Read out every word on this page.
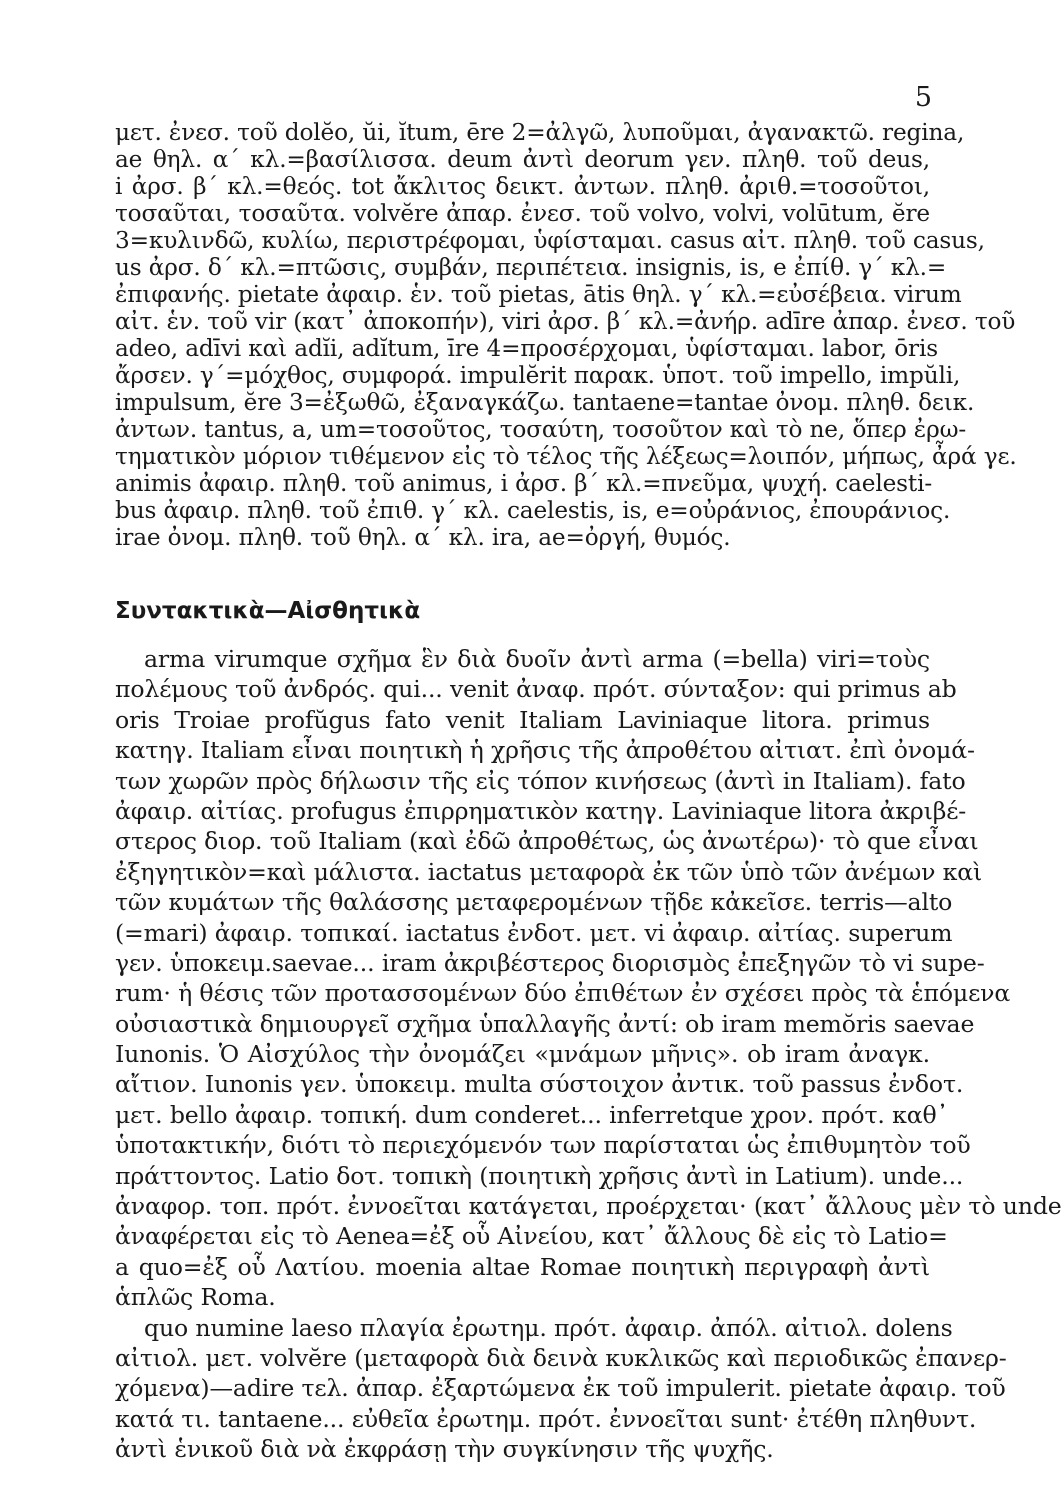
5
μετ. ἐνεσ. τοῦ dolĕo, ŭi, ĭtum, ēre 2=ἀλγῶ, λυποῦμαι, ἀγανακτῶ. regina,
ae θηλ. α΄ κλ.=βασίλισσα. deum ἀντὶ deorum γεν. πληθ. τοῦ deus,
i ἀρσ. β΄ κλ.=θεός. tot ἄκλιτος δεικτ. ἀντων. πληθ. ἀριθ.=τοσοῦτοι,
τοσαῦται, τοσαῦτα. volvĕre ἀπαρ. ἐνεσ. τοῦ volvo, volvi, volūtum, ĕre
3=κυλινδῶ, κυλίω, περιστρέφομαι, ὑφίσταμαι. casus αἰτ. πληθ. τοῦ casus,
us ἀρσ. δ΄ κλ.=πτῶσις, συμβάν, περιπέτεια. insignis, is, e ἐπίθ. γ΄ κλ.=
ἐπιφανής. pietate ἀφαιρ. ἑν. τοῦ pietas, ātis θηλ. γ΄ κλ.=εὐσέβεια. virum
αἰτ. ἑν. τοῦ vir (κατ᾽ ἀποκοπήν), viri ἀρσ. β΄ κλ.=ἀνήρ. adīre ἀπαρ. ἐνεσ. τοῦ
adeo, adīvi καὶ adĭi, adĭtum, īre 4=προσέρχομαι, ὑφίσταμαι. labor, ōris
ἄρσεν. γ΄=μόχθος, συμφορά. impulĕrit παρακ. ὑποτ. τοῦ impello, impŭli,
impulsum, ĕre 3=ἐξωθῶ, ἐξαναγκάζω. tantaene=tantae ὀνομ. πληθ. δεικ.
ἀντων. tantus, a, um=τοσοῦτος, τοσαύτη, τοσοῦτον καὶ τὸ ne, ὅπερ ἐρω-
τηματικὸν μόριον τιθέμενον εἰς τὸ τέλος τῆς λέξεως=λοιπόν, μήπως, ἆρά γε.
animis ἀφαιρ. πληθ. τοῦ animus, i ἀρσ. β΄ κλ.=πνεῦμα, ψυχή. caelesti-
bus ἀφαιρ. πληθ. τοῦ ἐπιθ. γ΄ κλ. caelestis, is, e=οὐράνιος, ἐπουράνιος.
irae ὀνομ. πληθ. τοῦ θηλ. α΄ κλ. ira, ae=ὀργή, θυμός.
Συντακτικὰ—Αἰσθητικὰ
arma virumque σχῆμα ἓν διὰ δυοῖν ἀντὶ arma (=bella) viri=τοὺς
πολέμους τοῦ ἀνδρός. qui... venit ἀναφ. πρότ. σύνταξον: qui primus ab
oris Troiae profŭgus fato venit Italiam Laviniaque litora. primus
κατηγ. Italiam εἶναι ποιητικὴ ἡ χρῆσις τῆς ἀπροθέτου αἰτιατ. ἐπὶ ὀνομά-
των χωρῶν πρὸς δήλωσιν τῆς εἰς τόπον κινήσεως (ἀντὶ in Italiam). fato
ἀφαιρ. αἰτίας. profugus ἐπιρρηματικὸν κατηγ. Laviniaque litora ἀκριβέ-
στερος διορ. τοῦ Italiam (καὶ ἐδῶ ἀπροθέτως, ὡς ἀνωτέρω)· τὸ que εἶναι
ἐξηγητικὸν=καὶ μάλιστα. iactatus μεταφορὰ ἐκ τῶν ὑπὸ τῶν ἀνέμων καὶ
τῶν κυμάτων τῆς θαλάσσης μεταφερομένων τῇδε κἀκεῖσε. terris—alto
(=mari) ἀφαιρ. τοπικαί. iactatus ἐνδοτ. μετ. vi ἀφαιρ. αἰτίας. superum
γεν. ὑποκειμ.saevae... iram ἀκριβέστερος διορισμὸς ἐπεξηγῶν τὸ vi supe-
rum· ἡ θέσις τῶν προτασσομένων δύο ἐπιθέτων ἐν σχέσει πρὸς τὰ ἑπόμενα
οὐσιαστικὰ δημιουργεῖ σχῆμα ὑπαλλαγῆς ἀντί: ob iram memŏris saevae
Iunonis. Ὁ Αἰσχύλος τὴν ὀνομάζει «μνάμων μῆνις». ob iram ἀναγκ.
αἴτιον. Iunonis γεν. ὑποκειμ. multa σύστοιχον ἀντικ. τοῦ passus ἐνδοτ.
μετ. bello ἀφαιρ. τοπική. dum conderet... inferretque χρον. πρότ. καθ᾽
ὑποτακτικήν, διότι τὸ περιεχόμενόν των παρίσταται ὡς ἐπιθυμητὸν τοῦ
πράττοντος. Latio δοτ. τοπικὴ (ποιητικὴ χρῆσις ἀντὶ in Latium). unde...
ἀναφορ. τοπ. πρότ. ἐννοεῖται κατάγεται, προέρχεται· (κατ᾽ ἄλλους μὲν τὸ unde
ἀναφέρεται εἰς τὸ Aenea=ἐξ οὗ Αἰνείου, κατ᾽ ἄλλους δὲ εἰς τὸ Latio=
a quo=ἐξ οὗ Λατίου. moenia altae Romae ποιητικὴ περιγραφὴ ἀντὶ
ἁπλῶς Roma.
quo numine laeso πλαγία ἐρωτημ. πρότ. ἀφαιρ. ἀπόλ. αἰτιολ. dolens
αἰτιολ. μετ. volvĕre (μεταφορὰ διὰ δεινὰ κυκλικῶς καὶ περιοδικῶς ἐπανερ-
χόμενα)—adire τελ. ἀπαρ. ἐξαρτώμενα ἐκ τοῦ impulerit. pietate ἀφαιρ. τοῦ
κατά τι. tantaene... εὐθεῖα ἐρωτημ. πρότ. ἐννοεῖται sunt· ἐτέθη πληθυντ.
ἀντὶ ἑνικοῦ διὰ νὰ ἐκφράσῃ τὴν συγκίνησιν τῆς ψυχῆς.
